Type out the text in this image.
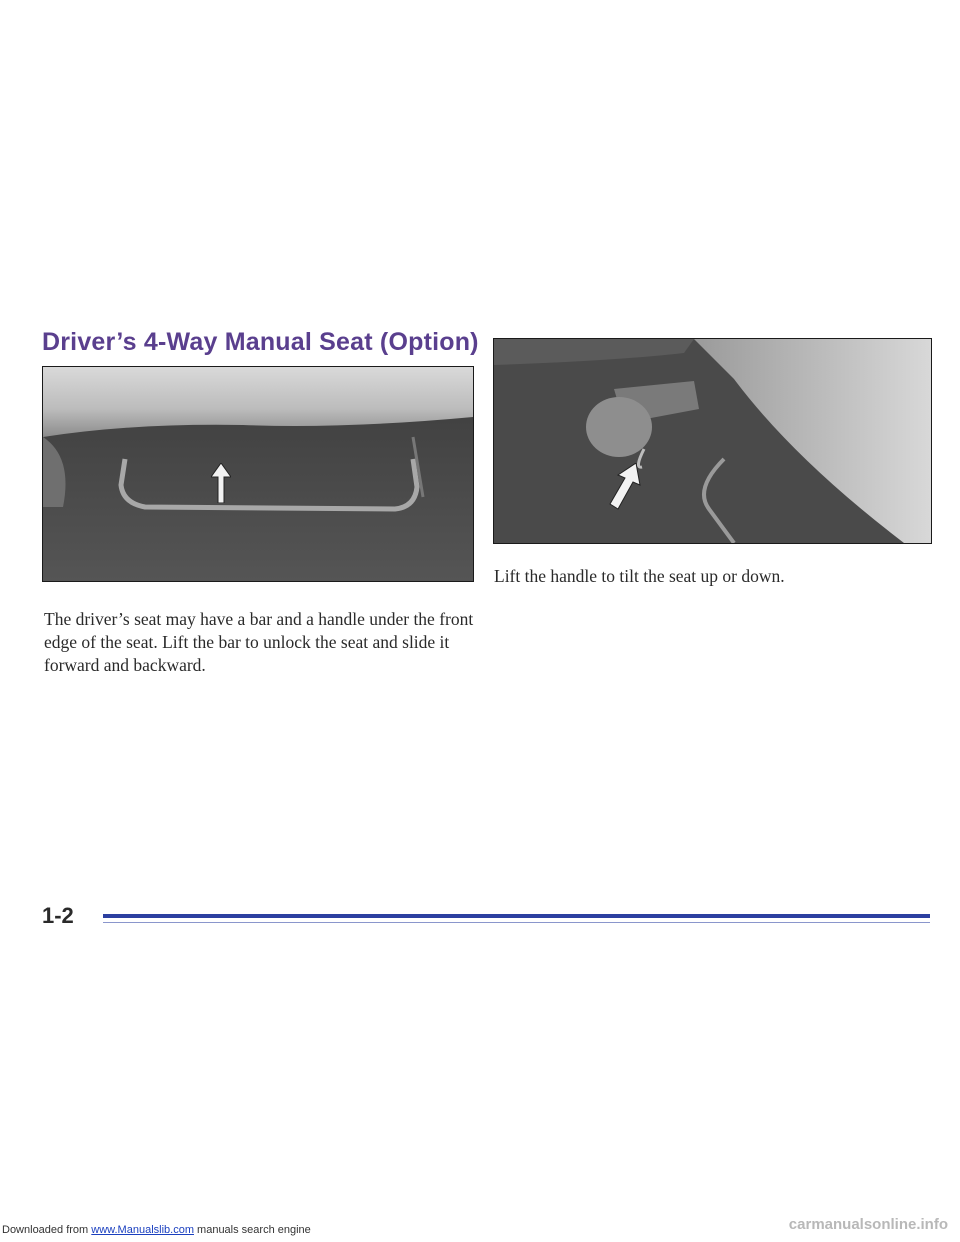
Driver’s 4-Way Manual Seat (Option)
The driver’s seat may have a bar and a handle under the front edge of the seat. Lift the bar to unlock the seat and slide it forward and backward.
Lift the handle to tilt the seat up or down.
1-2
Downloaded from www.Manualslib.com manuals search engine	carmanualsonline.info
